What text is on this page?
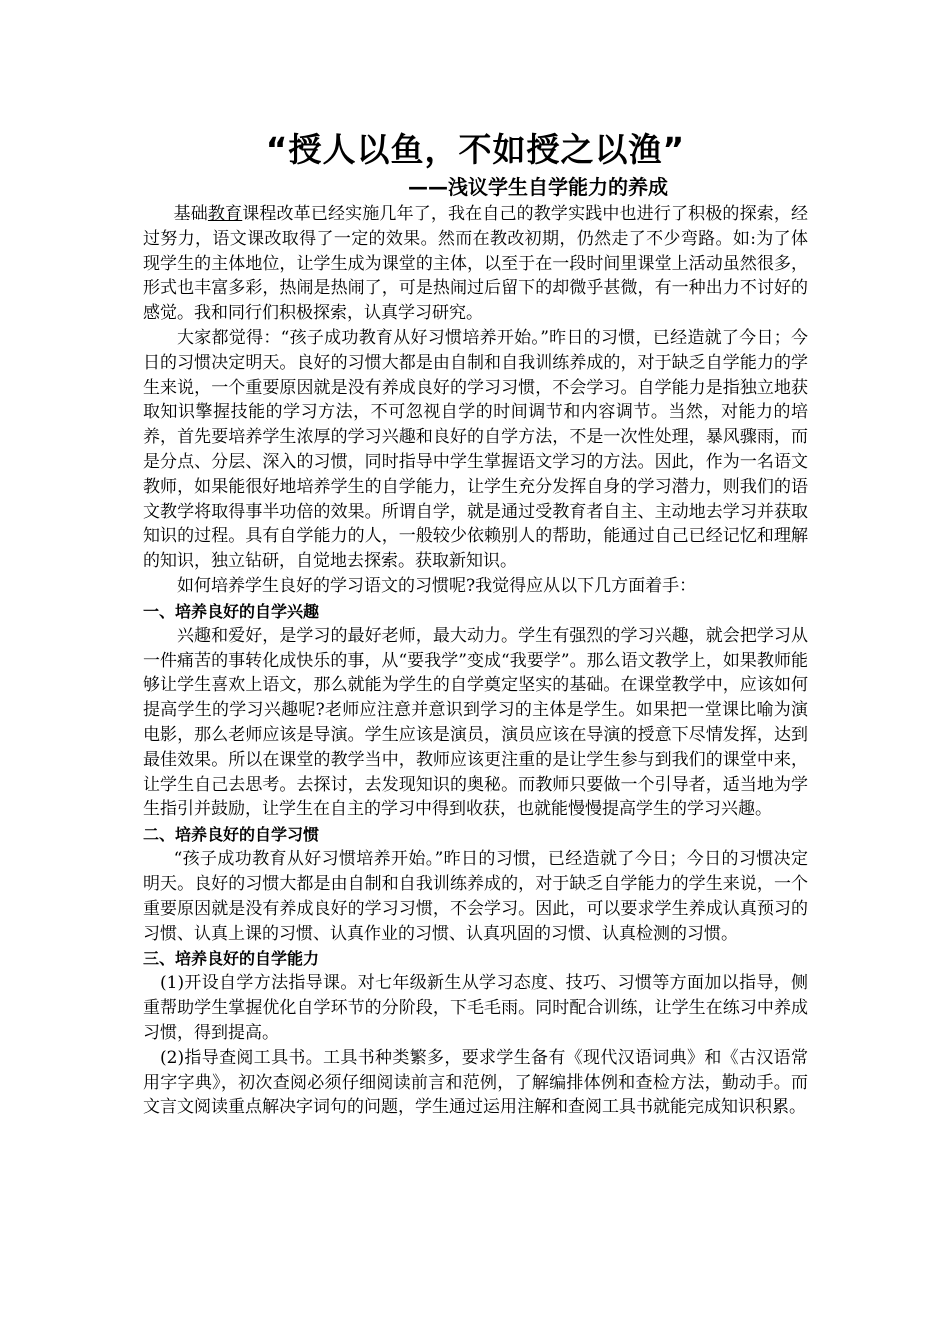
“授人以鱼，不如授之以渔”
——浅议学生自学能力的养成

基础教育课程改革已经实施几年了，我在自己的教学实践中也进行了积极的探索，经过努力，语文课改取得了一定的效果。然而在教改初期，仍然走了不少弯路。如:为了体现学生的主体地位，让学生成为课堂的主体，以至于在一段时间里课堂上活动虽然很多，形式也丰富多彩，热闹是热闹了，可是热闹过后留下的却微乎甚微，有一种出力不讨好的感觉。我和同行们积极探索，认真学习研究。

大家都觉得：“孩子成功教育从好习惯培养开始。”昨日的习惯，已经造就了今日；今日的习惯决定明天。良好的习惯大都是由自制和自我训练养成的，对于缺乏自学能力的学生来说，一个重要原因就是没有养成良好的学习习惯，不会学习。自学能力是指独立地获取知识擎握技能的学习方法，不可忽视自学的时间调节和内容调节。当然，对能力的培养，首先要培养学生浓厚的学习兴趣和良好的自学方法，不是一次性处理，暴风骤雨，而是分点、分层、深入的习惯，同时指导中学生掌握语文学习的方法。因此，作为一名语文教师，如果能很好地培养学生的自学能力，让学生充分发挥自身的学习潜力，则我们的语文教学将取得事半功倍的效果。所谓自学，就是通过受教育者自主、主动地去学习并获取知识的过程。具有自学能力的人，一般较少依赖别人的帮助，能通过自己已经记忆和理解的知识，独立钻研，自觉地去探索。获取新知识。

如何培养学生良好的学习语文的习惯呢?我觉得应从以下几方面着手：

一、培养良好的自学兴趣

兴趣和爱好，是学习的最好老师，最大动力。学生有强烈的学习兴趣，就会把学习从一件痛苦的事转化成快乐的事，从“要我学”变成“我要学”。那么语文教学上，如果教师能够让学生喜欢上语文，那么就能为学生的自学奠定坚实的基础。在课堂教学中，应该如何提高学生的学习兴趣呢?老师应注意并意识到学习的主体是学生。如果把一堂课比喻为演电影，那么老师应该是导演。学生应该是演员，演员应该在导演的授意下尽情发挥，达到最佳效果。所以在课堂的教学当中，教师应该更注重的是让学生参与到我们的课堂中来，让学生自己去思考。去探讨，去发现知识的奥秘。而教师只要做一个引导者，适当地为学生指引并鼓励，让学生在自主的学习中得到收获，也就能慢慢提高学生的学习兴趣。

二、培养良好的自学习惯

“孩子成功教育从好习惯培养开始。”昨日的习惯，已经造就了今日；今日的习惯决定明天。良好的习惯大都是由自制和自我训练养成的，对于缺乏自学能力的学生来说，一个重要原因就是没有养成良好的学习习惯，不会学习。因此，可以要求学生养成认真预习的习惯、认真上课的习惯、认真作业的习惯、认真巩固的习惯、认真检测的习惯。

三、培养良好的自学能力

(1)开设自学方法指导课。对七年级新生从学习态度、技巧、习惯等方面加以指导，侧重帮助学生掌握优化自学环节的分阶段，下毛毛雨。同时配合训练，让学生在练习中养成习惯，得到提高。

(2)指导查阅工具书。工具书种类繁多，要求学生备有《现代汉语词典》和《古汉语常用字字典》，初次查阅必须仔细阅读前言和范例，了解编排体例和查检方法，勤动手。而文言文阅读重点解决字词句的问题，学生通过运用注解和查阅工具书就能完成知识积累。
